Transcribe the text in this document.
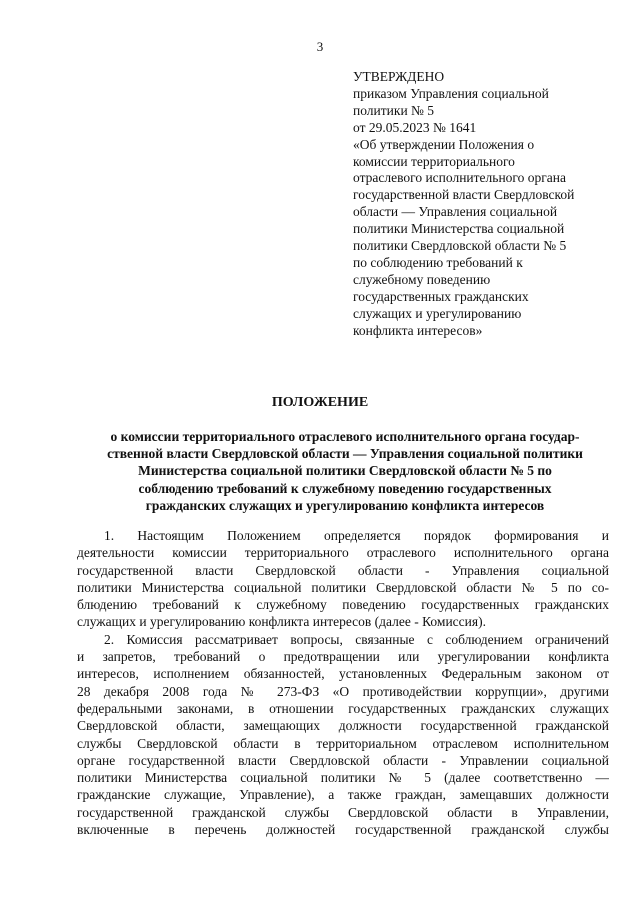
3
УТВЕРЖДЕНО
приказом Управления социальной
политики № 5
от 29.05.2023 № 1641
«Об утверждении Положения о
комиссии территориального
отраслевого исполнительного органа
государственной власти Свердловской
области — Управления социальной
политики Министерства социальной
политики Свердловской области № 5
по соблюдению требований к
служебному поведению
государственных гражданских
служащих и урегулированию
конфликта интересов»
ПОЛОЖЕНИЕ
о комиссии территориального отраслевого исполнительного органа государ-
ственной власти Свердловской области — Управления социальной политики
Министерства социальной политики Свердловской области № 5 по
соблюдению требований к служебному поведению государственных
гражданских служащих и урегулированию конфликта интересов
1. Настоящим Положением определяется порядок формирования и
деятельности комиссии территориального отраслевого исполнительного органа
государственной власти Свердловской области - Управления социальной
политики Министерства социальной политики Свердловской области № 5 по со-
блюдению требований к служебному поведению государственных гражданских
служащих и урегулированию конфликта интересов (далее - Комиссия).
2. Комиссия рассматривает вопросы, связанные с соблюдением ограничений
и запретов, требований о предотвращении или урегулировании конфликта
интересов, исполнением обязанностей, установленных Федеральным законом от
28 декабря 2008 года № 273-ФЗ «О противодействии коррупции», другими
федеральными законами, в отношении государственных гражданских служащих
Свердловской области, замещающих должности государственной гражданской
службы Свердловской области в территориальном отраслевом исполнительном
органе государственной власти Свердловской области - Управлении социальной
политики Министерства социальной политики № 5 (далее соответственно —
гражданские служащие, Управление), а также граждан, замещавших должности
государственной гражданской службы Свердловской области в Управлении,
включенные в перечень должностей государственной гражданской службы
